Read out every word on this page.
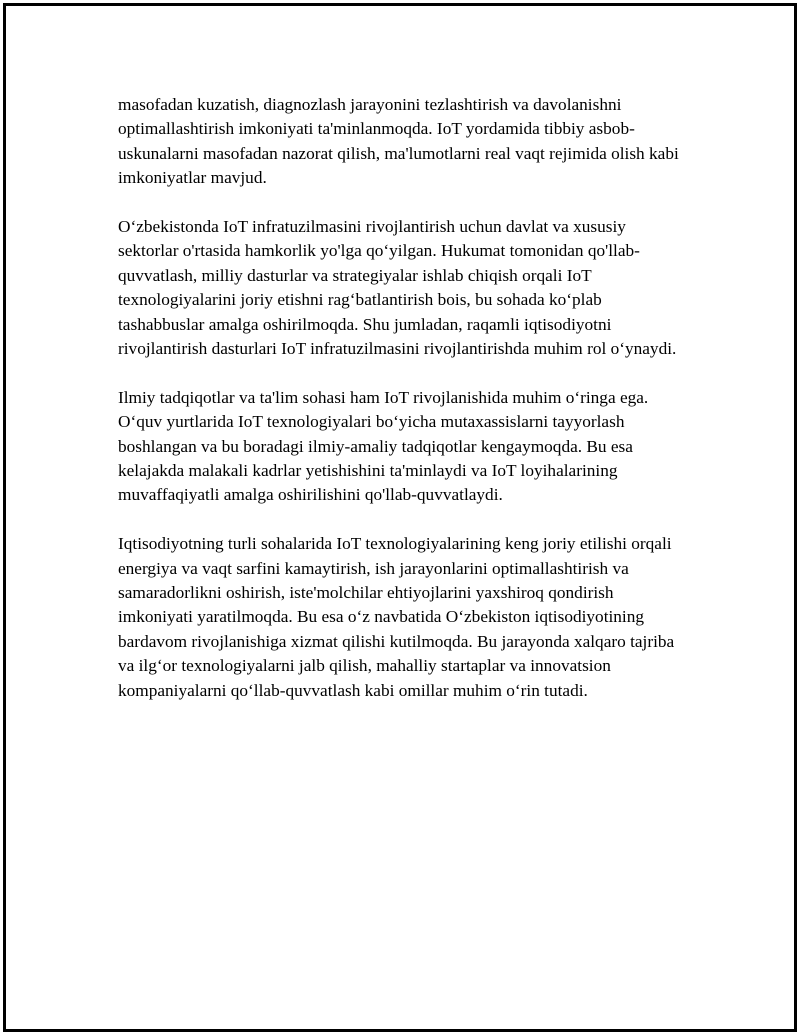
masofadan kuzatish, diagnozlash jarayonini tezlashtirish va davolanishni optimallashtirish imkoniyati ta'minlanmoqda. IoT yordamida tibbiy asbob-uskunalarni masofadan nazorat qilish, ma'lumotlarni real vaqt rejimida olish kabi imkoniyatlar mavjud.

O‘zbekistonda IoT infratuzilmasini rivojlantirish uchun davlat va xususiy sektorlar o'rtasida hamkorlik yo'lga qo‘yilgan. Hukumat tomonidan qo'llab-quvvatlash, milliy dasturlar va strategiyalar ishlab chiqish orqali IoT texnologiyalarini joriy etishni rag‘batlantirish bois, bu sohada ko‘plab tashabbuslar amalga oshirilmoqda. Shu jumladan, raqamli iqtisodiyotni rivojlantirish dasturlari IoT infratuzilmasini rivojlantirishda muhim rol o‘ynaydi.

Ilmiy tadqiqotlar va ta'lim sohasi ham IoT rivojlanishida muhim o‘ringa ega. O‘quv yurtlarida IoT texnologiyalari bo‘yicha mutaxassislarni tayyorlash boshlangan va bu boradagi ilmiy-amaliy tadqiqotlar kengaymoqda. Bu esa kelajakda malakali kadrlar yetishishini ta'minlaydi va IoT loyihalarining muvaffaqiyatli amalga oshirilishini qo'llab-quvvatlaydi.

Iqtisodiyotning turli sohalarida IoT texnologiyalarining keng joriy etilishi orqali energiya va vaqt sarfini kamaytirish, ish jarayonlarini optimallashtirish va samaradorlikni oshirish, iste'molchilar ehtiyojlarini yaxshiroq qondirish imkoniyati yaratilmoqda. Bu esa o‘z navbatida O‘zbekiston iqtisodiyotining bardavom rivojlanishiga xizmat qilishi kutilmoqda. Bu jarayonda xalqaro tajriba va ilg‘or texnologiyalarni jalb qilish, mahalliy startaplar va innovatsion kompaniyalarni qo‘llab-quvvatlash kabi omillar muhim o‘rin tutadi.
